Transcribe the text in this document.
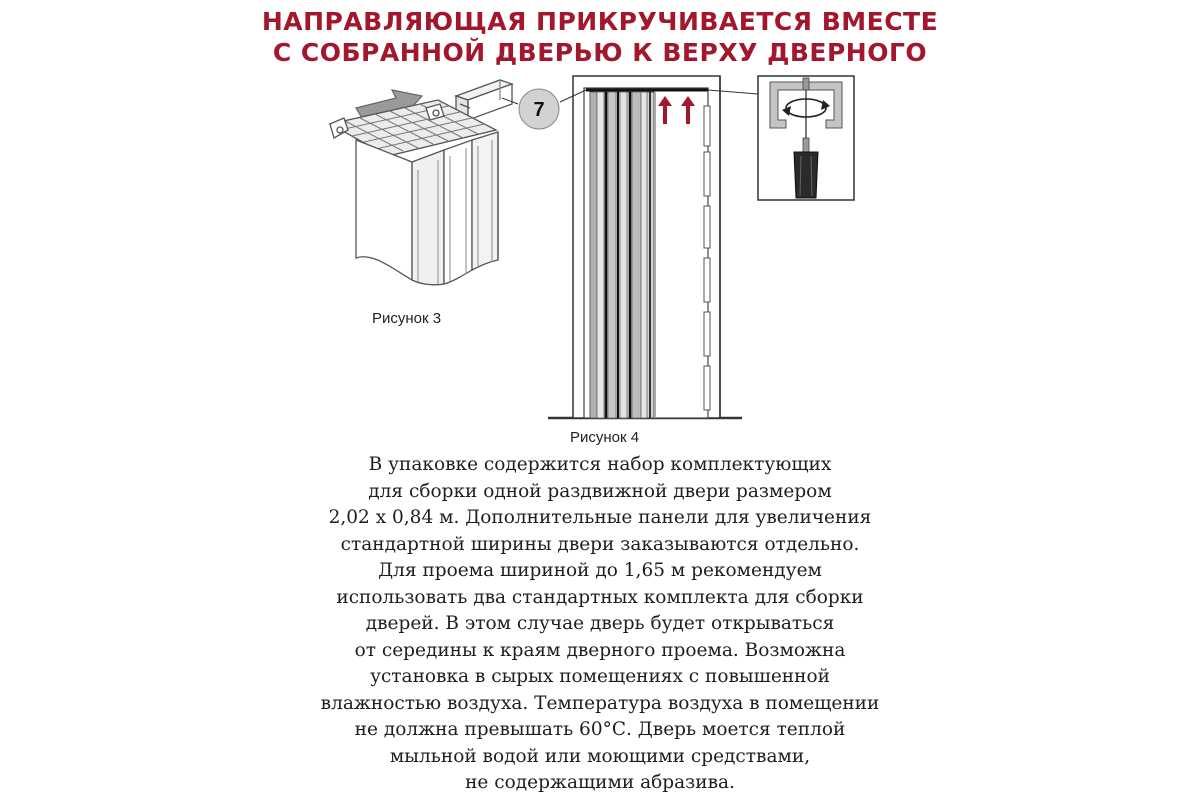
НАПРАВЛЯЮЩАЯ ПРИКРУЧИВАЕТСЯ ВМЕСТЕ
С СОБРАННОЙ ДВЕРЬЮ К ВЕРХУ ДВЕРНОГО
7
Рисунок 3
Рисунок 4
В упаковке содержится набор комплектующих
для сборки одной раздвижной двери размером
2,02 х 0,84 м. Дополнительные панели для увеличения
стандартной ширины двери заказываются отдельно.
Для проема шириной до 1,65 м рекомендуем
использовать два стандартных комплекта для сборки
дверей. В этом случае дверь будет открываться
от середины к краям дверного проема. Возможна
установка в сырых помещениях с повышенной
влажностью воздуха. Температура воздуха в помещении
не должна превышать 60°С. Дверь моется теплой
мыльной водой или моющими средствами,
не содержащими абразива.
